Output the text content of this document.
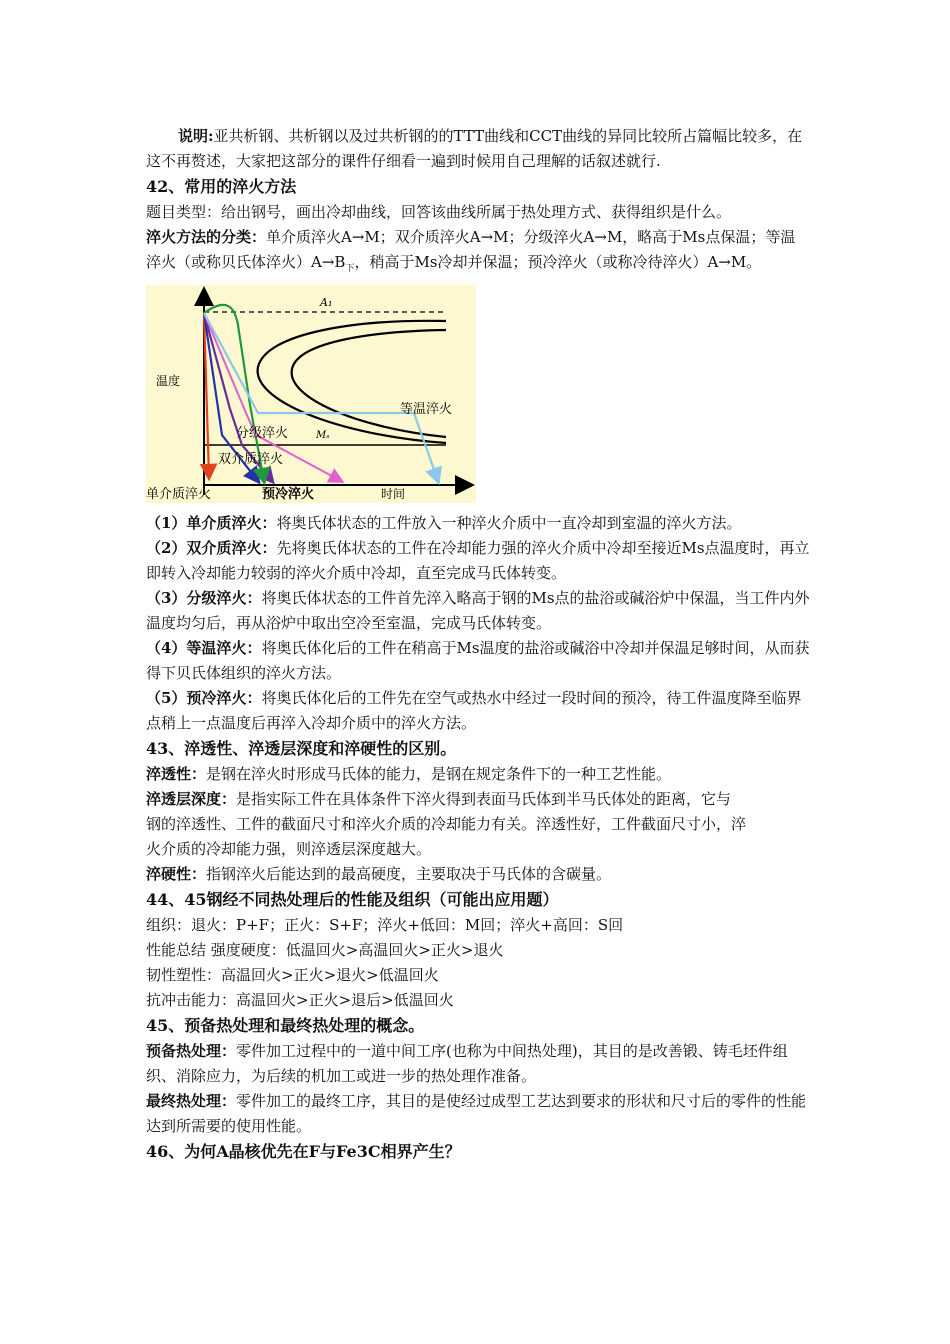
说明:亚共析钢、共析钢以及过共析钢的的TTT曲线和CCT曲线的异同比较所占篇幅比较多，在这不再赘述，大家把这部分的课件仔细看一遍到时候用自己理解的话叙述就行.

42、常用的淬火方法

题目类型：给出钢号，画出冷却曲线，回答该曲线所属于热处理方式、获得组织是什么。

淬火方法的分类：单介质淬火A→M；双介质淬火A→M；分级淬火A→M，略高于Ms点保温；等温淬火（或称贝氏体淬火）$A\to B_下$，稍高于Ms冷却并保温；预冷淬火（或称冷待淬火）A→M。

A₁
温度
时间
等温淬火
分级淬火	Mₛ
双介质淬火
单介质淬火	预冷淬火

（1）单介质淬火：将奥氏体状态的工件放入一种淬火介质中一直冷却到室温的淬火方法。

（2）双介质淬火：先将奥氏体状态的工件在冷却能力强的淬火介质中冷却至接近Ms点温度时，再立即转入冷却能力较弱的淬火介质中冷却，直至完成马氏体转变。

（3）分级淬火：将奥氏体状态的工件首先淬入略高于钢的Ms点的盐浴或碱浴炉中保温，当工件内外温度均匀后，再从浴炉中取出空冷至室温，完成马氏体转变。

（4）等温淬火：将奥氏体化后的工件在稍高于Ms温度的盐浴或碱浴中冷却并保温足够时间，从而获得下贝氏体组织的淬火方法。

（5）预冷淬火：将奥氏体化后的工件先在空气或热水中经过一段时间的预冷，待工件温度降至临界点稍上一点温度后再淬入冷却介质中的淬火方法。

43、淬透性、淬透层深度和淬硬性的区别。

淬透性：是钢在淬火时形成马氏体的能力，是钢在规定条件下的一种工艺性能。

淬透层深度：是指实际工件在具体条件下淬火得到表面马氏体到半马氏体处的距离，它与

钢的淬透性、工件的截面尺寸和淬火介质的冷却能力有关。淬透性好，工件截面尺寸小，淬

火介质的冷却能力强，则淬透层深度越大。

淬硬性：指钢淬火后能达到的最高硬度，主要取决于马氏体的含碳量。

44、45钢经不同热处理后的性能及组织（可能出应用题）

组织：退火：P+F；正火：S+F；淬火+低回：M回；淬火+高回：S回

性能总结 强度硬度：低温回火>高温回火>正火>退火

韧性塑性：高温回火>正火>退火>低温回火

抗冲击能力：高温回火>正火>退后>低温回火

45、预备热处理和最终热处理的概念。

预备热处理：零件加工过程中的一道中间工序(也称为中间热处理)，其目的是改善锻、铸毛坯件组织、消除应力，为后续的机加工或进一步的热处理作准备。

最终热处理：零件加工的最终工序，其目的是使经过成型工艺达到要求的形状和尺寸后的零件的性能达到所需要的使用性能。

46、为何A晶核优先在F与Fe3C相界产生？
